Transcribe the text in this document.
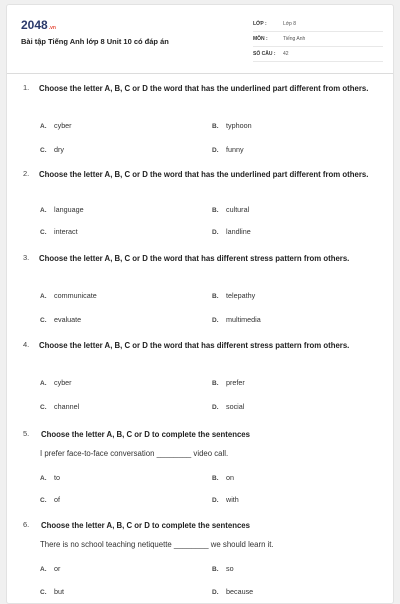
2048.vn
Bài tập Tiếng Anh lớp 8 Unit 10 có đáp án
LỚP :	Lớp 8
MÔN :	Tiếng Anh
SỐ CÂU :	42
1. Choose the letter A, B, C or D the word that has the underlined part different from others.
A. cyber	B. typhoon
C. dry	D. funny
2. Choose the letter A, B, C or D the word that has the underlined part different from others.
A. language	B. cultural
C. interact	D. landline
3. Choose the letter A, B, C or D the word that has different stress pattern from others.
A. communicate	B. telepathy
C. evaluate	D. multimedia
4. Choose the letter A, B, C or D the word that has different stress pattern from others.
A. cyber	B. prefer
C. channel	D. social
5. Choose the letter A, B, C or D to complete the sentences
I prefer face-to-face conversation ________ video call.
A. to	B. on
C. of	D. with
6. Choose the letter A, B, C or D to complete the sentences
There is no school teaching netiquette ________ we should learn it.
A. or	B. so
C. but	D. because
